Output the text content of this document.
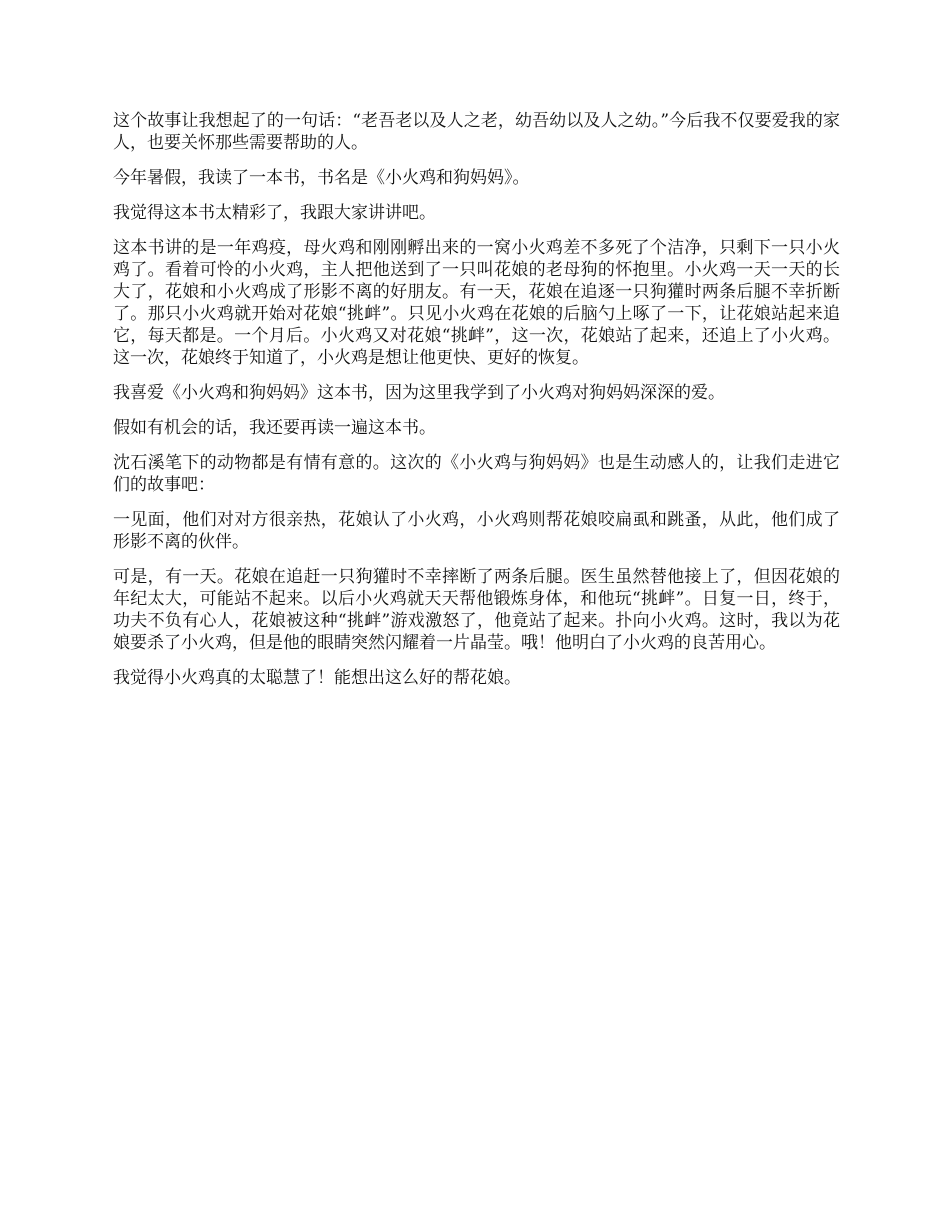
这个故事让我想起了的一句话：“老吾老以及人之老，幼吾幼以及人之幼。”今后我不仅要爱我的家人，也要关怀那些需要帮助的人。

今年暑假，我读了一本书，书名是《小火鸡和狗妈妈》。

我觉得这本书太精彩了，我跟大家讲讲吧。

这本书讲的是一年鸡疫，母火鸡和刚刚孵出来的一窝小火鸡差不多死了个洁净，只剩下一只小火鸡了。看着可怜的小火鸡，主人把他送到了一只叫花娘的老母狗的怀抱里。小火鸡一天一天的长大了，花娘和小火鸡成了形影不离的好朋友。有一天，花娘在追逐一只狗獾时两条后腿不幸折断了。那只小火鸡就开始对花娘“挑衅”。只见小火鸡在花娘的后脑勺上啄了一下，让花娘站起来追它，每天都是。一个月后。小火鸡又对花娘“挑衅”，这一次，花娘站了起来，还追上了小火鸡。这一次，花娘终于知道了，小火鸡是想让他更快、更好的恢复。

我喜爱《小火鸡和狗妈妈》这本书，因为这里我学到了小火鸡对狗妈妈深深的爱。

假如有机会的话，我还要再读一遍这本书。

沈石溪笔下的动物都是有情有意的。这次的《小火鸡与狗妈妈》也是生动感人的，让我们走进它们的故事吧：

一见面，他们对对方很亲热，花娘认了小火鸡，小火鸡则帮花娘咬扁虱和跳蚤，从此，他们成了形影不离的伙伴。

可是，有一天。花娘在追赶一只狗獾时不幸摔断了两条后腿。医生虽然替他接上了，但因花娘的年纪太大，可能站不起来。以后小火鸡就天天帮他锻炼身体，和他玩“挑衅”。日复一日，终于，功夫不负有心人，花娘被这种“挑衅”游戏激怒了，他竟站了起来。扑向小火鸡。这时，我以为花娘要杀了小火鸡，但是他的眼睛突然闪耀着一片晶莹。哦！他明白了小火鸡的良苦用心。

我觉得小火鸡真的太聪慧了！能想出这么好的帮花娘。
